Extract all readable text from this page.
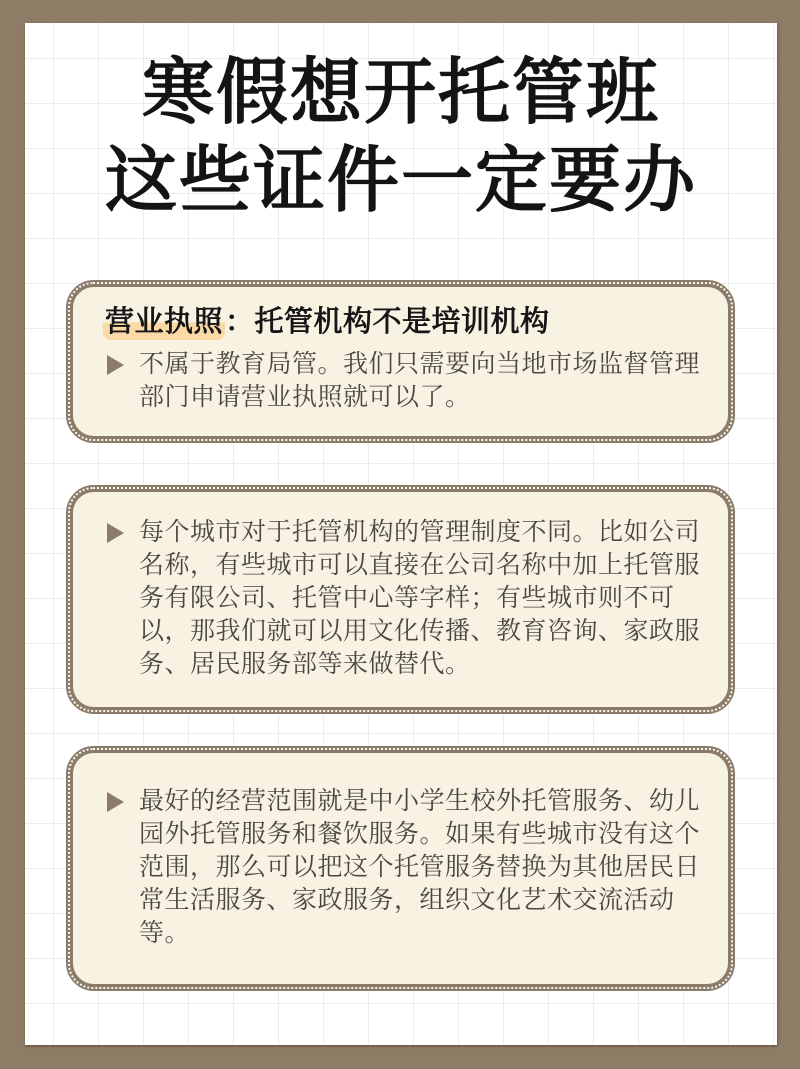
寒假想开托管班
这些证件一定要办
营业执照：托管机构不是培训机构

不属于教育局管。我们只需要向当地市场监督管理部门申请营业执照就可以了。

每个城市对于托管机构的管理制度不同。比如公司名称，有些城市可以直接在公司名称中加上托管服务有限公司、托管中心等字样；有些城市则不可以，那我们就可以用文化传播、教育咨询、家政服务、居民服务部等来做替代。

最好的经营范围就是中小学生校外托管服务、幼儿园外托管服务和餐饮服务。如果有些城市没有这个范围，那么可以把这个托管服务替换为其他居民日常生活服务、家政服务，组织文化艺术交流活动等。
